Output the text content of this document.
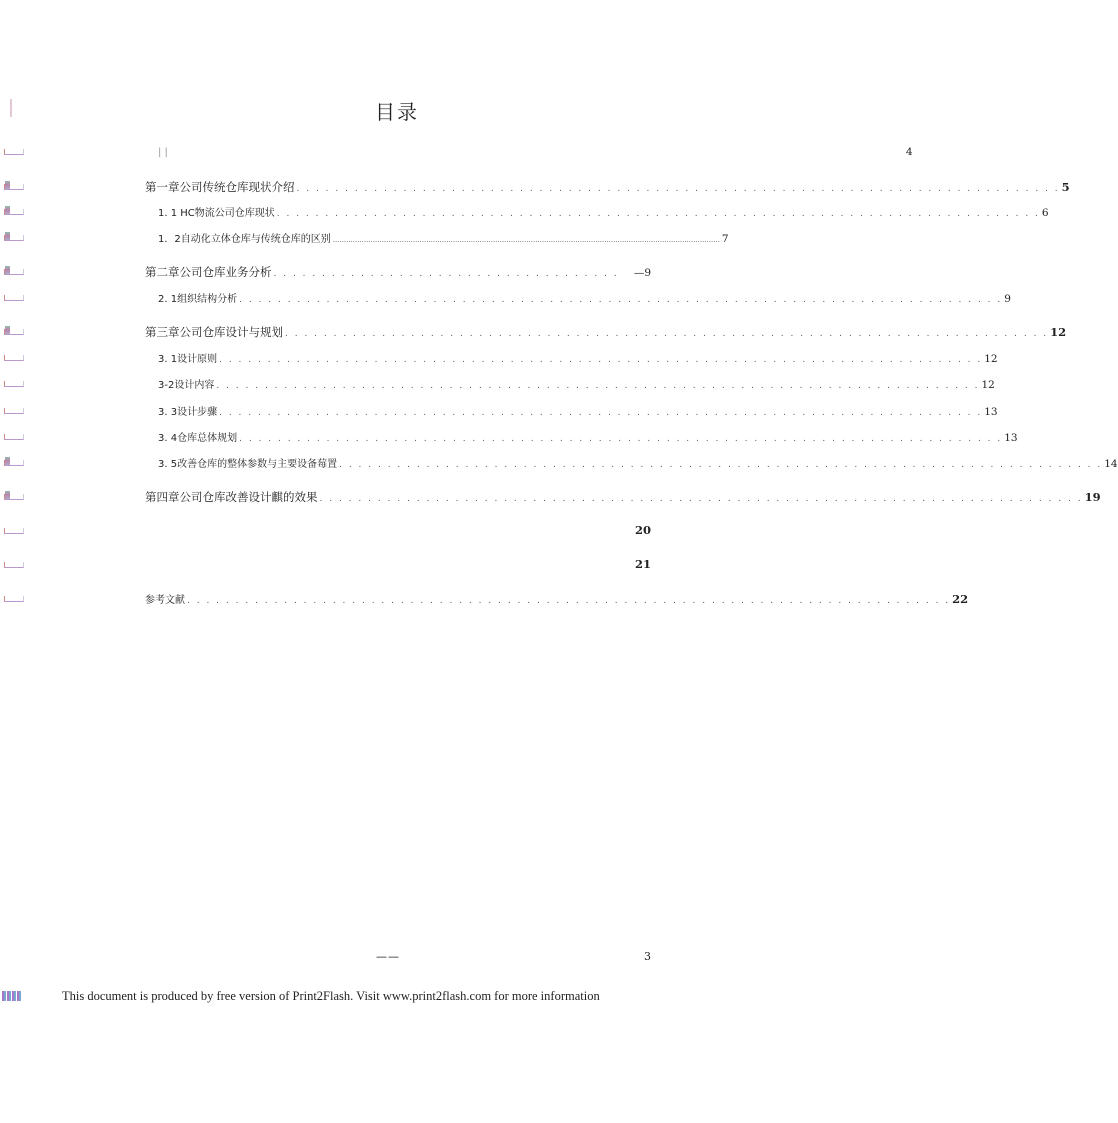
目录
| |	4
第一章公司传统仓库现状介绍 . . . . . . . . . . . . . . . . . . . . . . . . . . . . . . . . . . . . . . . . . . . . . . . . . . . . . . . . . . . . . . . . . . . . . . . . . . . . . . . 5
1. 1 HC物流公司仓库现状 . . . . . . . . . . . . . . . . . . . . . . . . . . . . . . . . . . . . . . . . . . . . . . . . . . . . . . . . . . . . . . . . . . . . . . . . . . . . . . . 6
1．2自动化立体仓库与传统仓库的区别 .............................................................................................................................................................................. 7
第二章公司仓库业务分析 . . . . . . . . . . . . . . . . . . . . . . . . . . . . . . . . . . . . —9
2. 1组织结构分析 . . . . . . . . . . . . . . . . . . . . . . . . . . . . . . . . . . . . . . . . . . . . . . . . . . . . . . . . . . . . . . . . . . . . . . . . . . . . . . . 9
第三章公司仓库设计与规划 . . . . . . . . . . . . . . . . . . . . . . . . . . . . . . . . . . . . . . . . . . . . . . . . . . . . . . . . . . . . . . . . . . . . . . . . . . . . . . . 12
3. 1设计原则 . . . . . . . . . . . . . . . . . . . . . . . . . . . . . . . . . . . . . . . . . . . . . . . . . . . . . . . . . . . . . . . . . . . . . . . . . . . . . . . 12
3-2设计内容 . . . . . . . . . . . . . . . . . . . . . . . . . . . . . . . . . . . . . . . . . . . . . . . . . . . . . . . . . . . . . . . . . . . . . . . . . . . . . . . 12
3. 3设计步骤 . . . . . . . . . . . . . . . . . . . . . . . . . . . . . . . . . . . . . . . . . . . . . . . . . . . . . . . . . . . . . . . . . . . . . . . . . . . . . . . 13
3. 4仓库总体规划 . . . . . . . . . . . . . . . . . . . . . . . . . . . . . . . . . . . . . . . . . . . . . . . . . . . . . . . . . . . . . . . . . . . . . . . . . . . . . . . 13
3. 5改善仓库的整体参数与主要设备莓置 . . . . . . . . . . . . . . . . . . . . . . . . . . . . . . . . . . . . . . . . . . . . . . . . . . . . . . . . . . . . . . . . . . . . . . . . . . . . . . . 14
第四章公司仓库改善设计麒的效果 . . . . . . . . . . . . . . . . . . . . . . . . . . . . . . . . . . . . . . . . . . . . . . . . . . . . . . . . . . . . . . . . . . . . . . . . . . . . . . . 19
20
21
参考文献 . . . . . . . . . . . . . . . . . . . . . . . . . . . . . . . . . . . . . . . . . . . . . . . . . . . . . . . . . . . . . . . . . . . . . . . . . . . . . . . 22
——	3
This document is produced by free version of Print2Flash. Visit www.print2flash.com for more information
